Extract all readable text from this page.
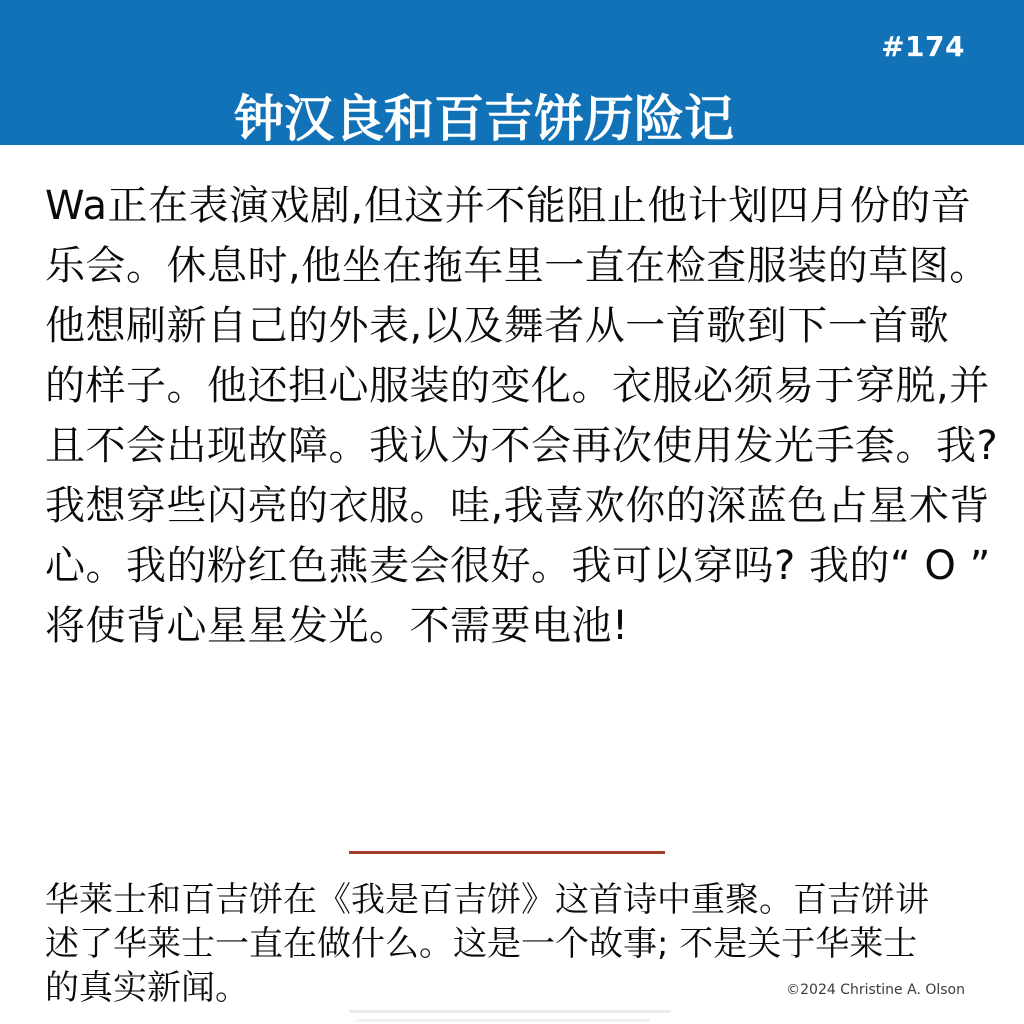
#174
钟汉良和百吉饼历险记
Wa正在表演戏剧,但这并不能阻止他计划四月份的音
乐会。休息时,他坐在拖车里一直在检查服装的草图。
他想刷新自己的外表,以及舞者从一首歌到下一首歌
的样子。他还担心服装的变化。衣服必须易于穿脱,并
且不会出现故障。我认为不会再次使用发光手套。我?
我想穿些闪亮的衣服。哇,我喜欢你的深蓝色占星术背
心。我的粉红色燕麦会很好。我可以穿吗? 我的“ O ”
将使背心星星发光。不需要电池!
华莱士和百吉饼在《我是百吉饼》这首诗中重聚。百吉饼讲
述了华莱士一直在做什么。这是一个故事; 不是关于华莱士
的真实新闻。	©2024 Christine A. Olson
